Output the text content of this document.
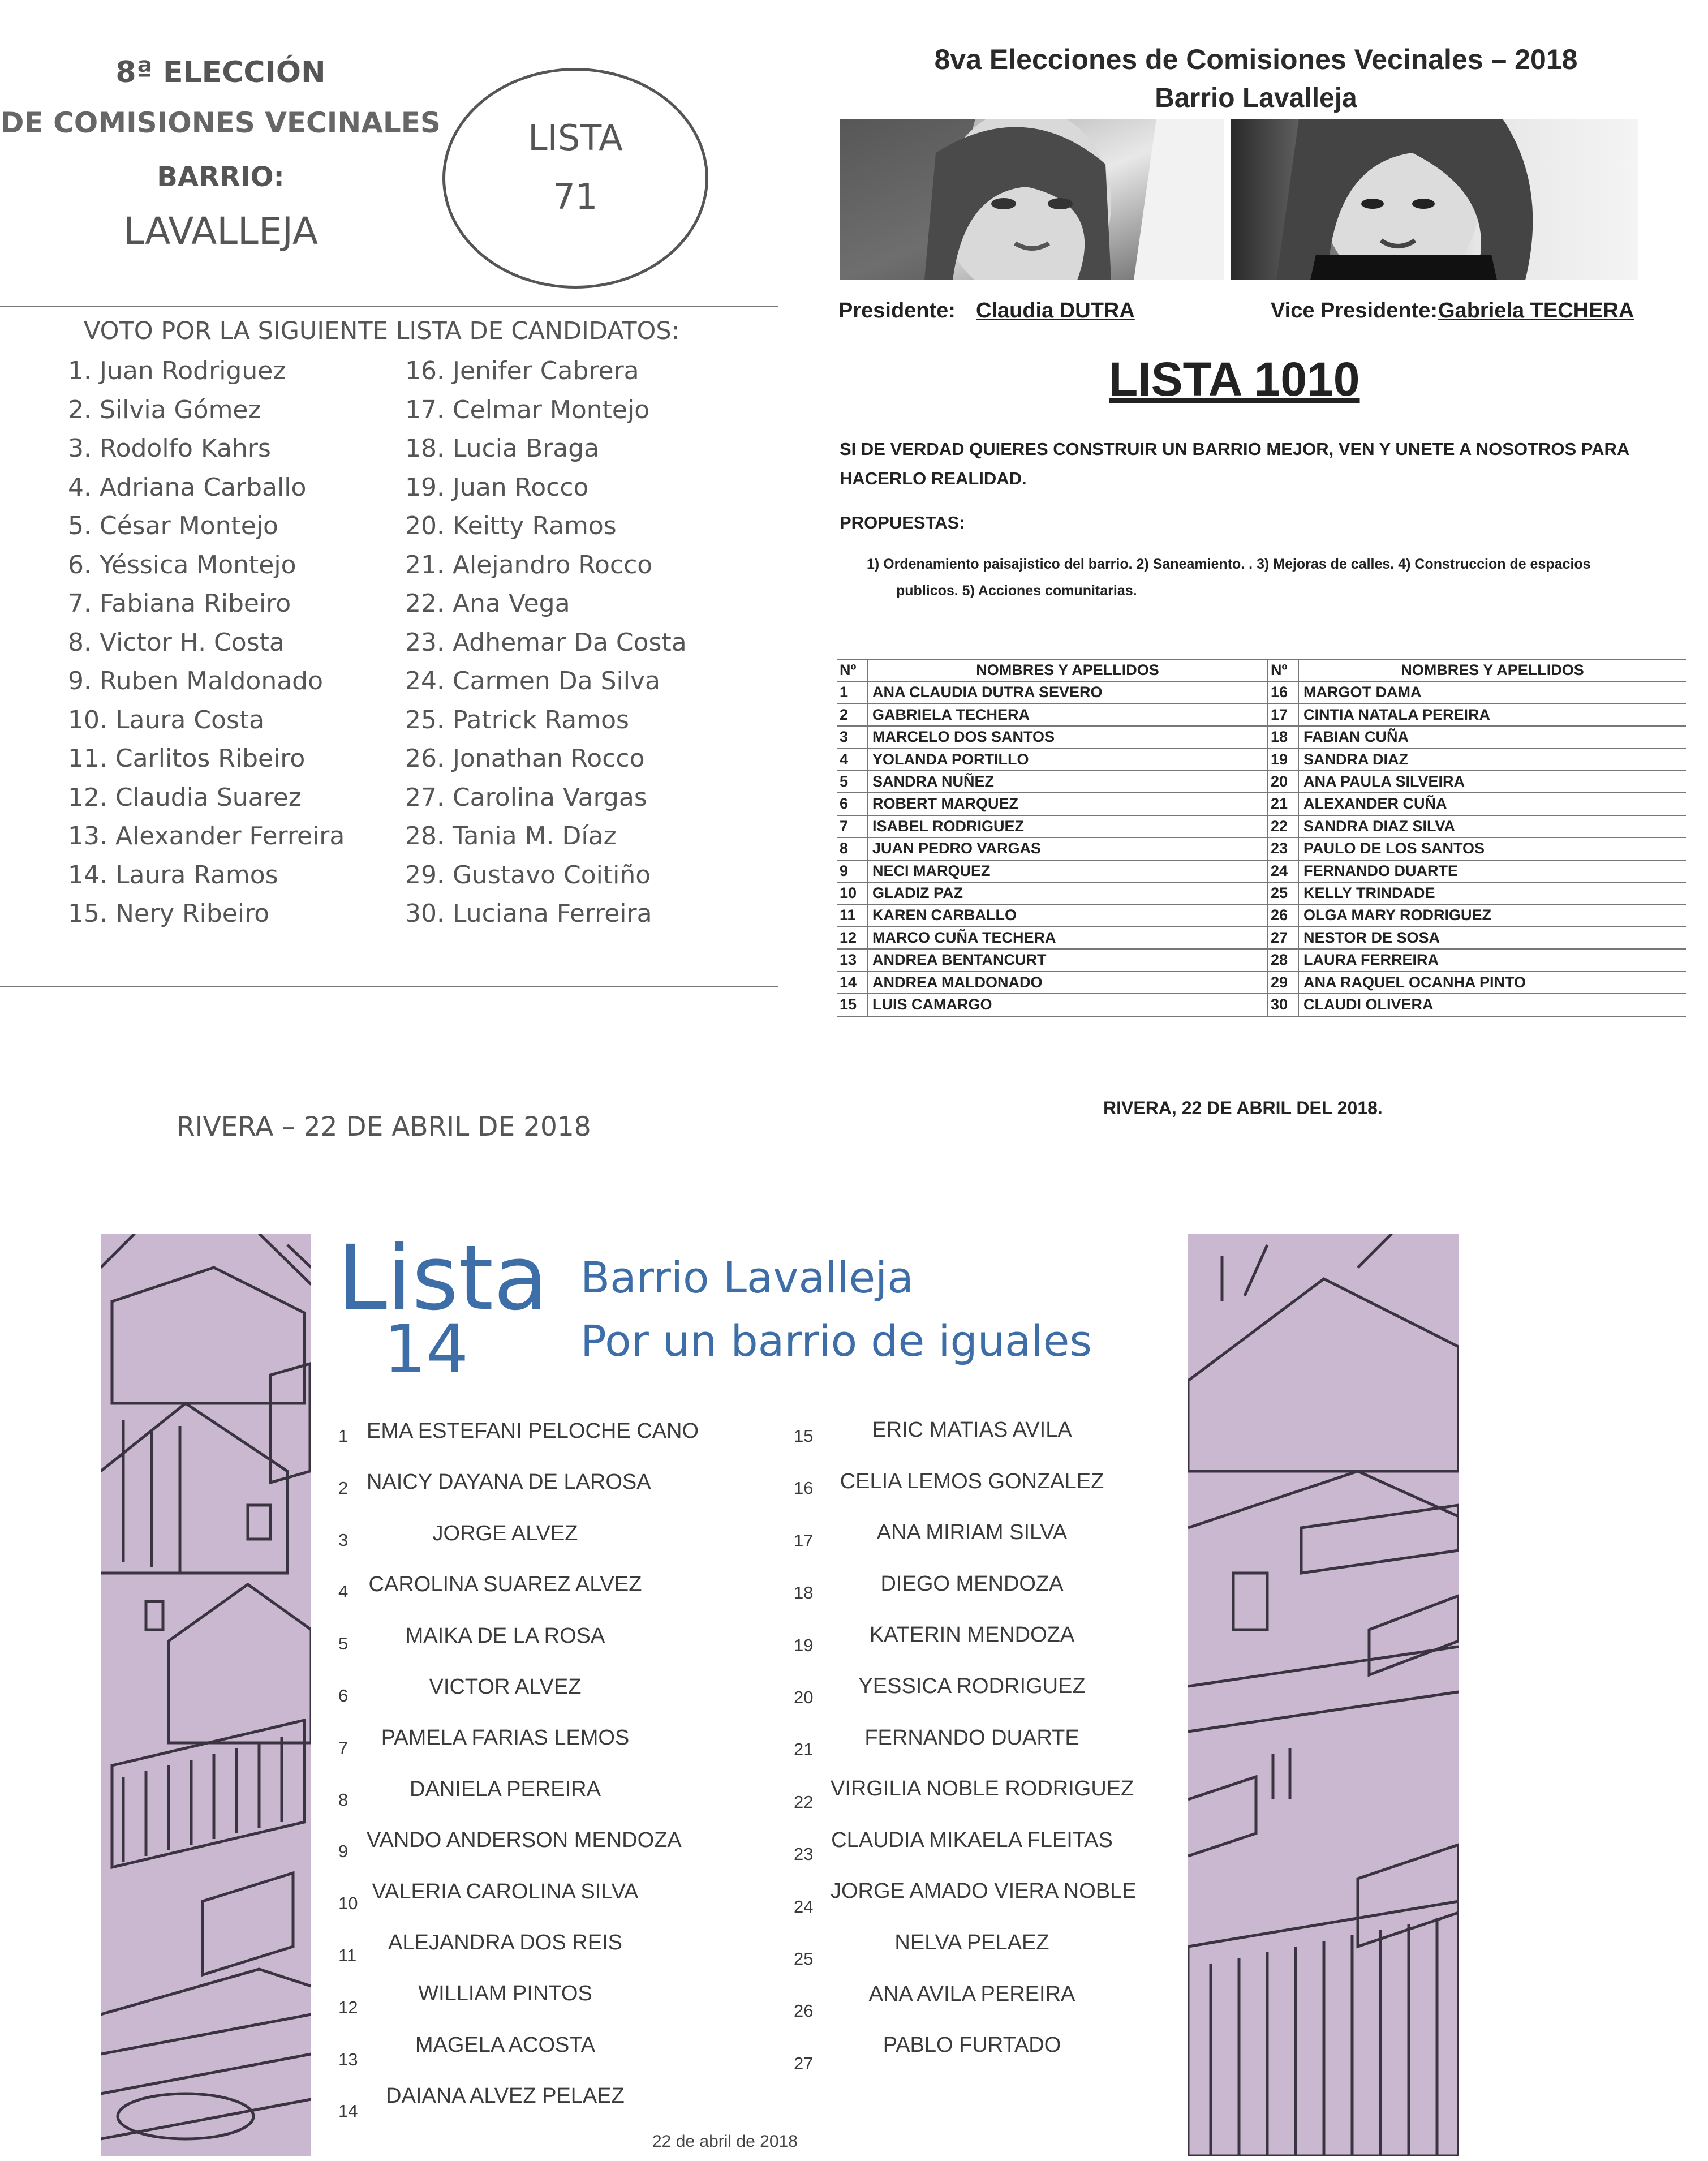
8ª ELECCIÓN
DE COMISIONES VECINALES
BARRIO:
LAVALLEJA
LISTA
71
VOTO POR LA SIGUIENTE LISTA DE CANDIDATOS:
1. Juan Rodriguez
2. Silvia Gómez
3. Rodolfo Kahrs
4. Adriana Carballo
5. César Montejo
6. Yéssica Montejo
7. Fabiana Ribeiro
8. Victor H. Costa
9. Ruben Maldonado
10. Laura Costa
11. Carlitos Ribeiro
12. Claudia Suarez
13. Alexander Ferreira
14. Laura Ramos
15. Nery Ribeiro
16. Jenifer Cabrera
17. Celmar Montejo
18. Lucia Braga
19. Juan Rocco
20. Keitty Ramos
21. Alejandro Rocco
22. Ana Vega
23. Adhemar Da Costa
24. Carmen Da Silva
25. Patrick Ramos
26. Jonathan Rocco
27. Carolina Vargas
28. Tania M. Díaz
29. Gustavo Coitiño
30. Luciana Ferreira
RIVERA – 22 DE ABRIL DE 2018
8va Elecciones de Comisiones Vecinales – 2018
Barrio Lavalleja
Presidente: Claudia DUTRA	Vice Presidente: Gabriela TECHERA
LISTA 1010
SI DE VERDAD QUIERES CONSTRUIR UN BARRIO MEJOR, VEN Y UNETE A NOSOTROS PARA
HACERLO REALIDAD.
PROPUESTAS:
1) Ordenamiento paisajistico del barrio. 2) Saneamiento. . 3) Mejoras de calles. 4) Construccion de espacios
publicos. 5) Acciones comunitarias.
Nº	NOMBRES Y APELLIDOS	Nº	NOMBRES Y APELLIDOS
1	ANA CLAUDIA DUTRA SEVERO	16	MARGOT DAMA
2	GABRIELA TECHERA	17	CINTIA NATALA PEREIRA
3	MARCELO DOS SANTOS	18	FABIAN CUÑA
4	YOLANDA PORTILLO	19	SANDRA DIAZ
5	SANDRA NUÑEZ	20	ANA PAULA SILVEIRA
6	ROBERT MARQUEZ	21	ALEXANDER CUÑA
7	ISABEL RODRIGUEZ	22	SANDRA DIAZ SILVA
8	JUAN PEDRO VARGAS	23	PAULO DE LOS SANTOS
9	NECI MARQUEZ	24	FERNANDO DUARTE
10	GLADIZ PAZ	25	KELLY TRINDADE
11	KAREN CARBALLO	26	OLGA MARY RODRIGUEZ
12	MARCO CUÑA TECHERA	27	NESTOR DE SOSA
13	ANDREA BENTANCURT	28	LAURA FERREIRA
14	ANDREA MALDONADO	29	ANA RAQUEL OCANHA PINTO
15	LUIS CAMARGO	30	CLAUDI OLIVERA
RIVERA, 22 DE ABRIL DEL 2018.
Lista
14
Barrio Lavalleja
Por un barrio de iguales
1 EMA ESTEFANI PELOCHE CANO
2 NAICY DAYANA DE LAROSA
3	JORGE ALVEZ
4 CAROLINA SUAREZ ALVEZ
5	MAIKA DE LA ROSA
6	VICTOR ALVEZ
7	PAMELA FARIAS LEMOS
8	DANIELA PEREIRA
9 VANDO ANDERSON MENDOZA
10
VALERIA CAROLINA SILVA
11
ALEJANDRA DOS REIS
12
WILLIAM PINTOS
13
MAGELA ACOSTA
14
DAIANA ALVEZ PELAEZ
15	ERIC MATIAS AVILA
16	CELIA LEMOS GONZALEZ
17	ANA MIRIAM SILVA
18	DIEGO MENDOZA
19	KATERIN MENDOZA
20	YESSICA RODRIGUEZ
21
FERNANDO DUARTE
22
VIRGILIA NOBLE RODRIGUEZ
23
CLAUDIA MIKAELA FLEITAS
24
JORGE AMADO VIERA NOBLE
25
NELVA PELAEZ
26
ANA AVILA PEREIRA
27
PABLO FURTADO
22 de abril de 2018
